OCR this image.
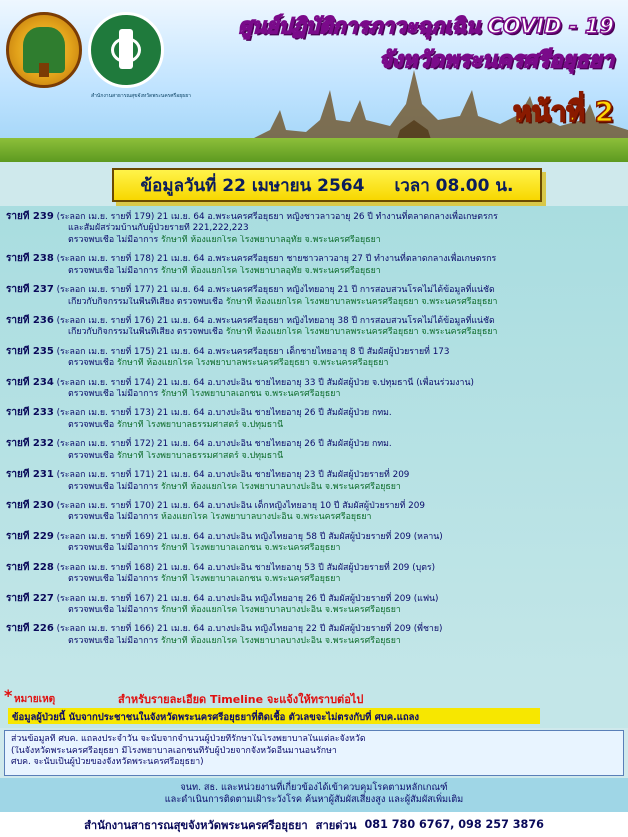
สำนักงานสาธารณสุขจังหวัดพระนครศรีอยุธยา
ศูนย์ปฏิบัติการภาวะฉุกเฉิน COVID - 19
จังหวัดพระนครศรีอยุธยา
หน้าที่ 2
ข้อมูลวันที่ 22 เมษายน 2564 เวลา 08.00 น.
รายที่ 239 (ระลอก เม.ย. รายที่ 179) 21 เม.ย. 64 อ.พระนครศรีอยุธยา หญิงชาวลาวอายุ 26 ปี ทำงานที่ตลาดกลางเพื่อเกษตรกร
และสัมผัสร่วมบ้านกับผู้ป่วยรายที่ 221,222,223
ตรวจพบเชื้อ ไม่มีอาการ รักษาที่ ห้องแยกโรค โรงพยาบาลอุทัย จ.พระนครศรีอยุธยา
รายที่ 238 (ระลอก เม.ย. รายที่ 178) 21 เม.ย. 64 อ.พระนครศรีอยุธยา ชายชาวลาวอายุ 27 ปี ทำงานที่ตลาดกลางเพื่อเกษตรกร
ตรวจพบเชื้อ ไม่มีอาการ รักษาที่ ห้องแยกโรค โรงพยาบาลอุทัย จ.พระนครศรีอยุธยา
รายที่ 237 (ระลอก เม.ย. รายที่ 177) 21 เม.ย. 64 อ.พระนครศรีอยุธยา หญิงไทยอายุ 21 ปี การสอบสวนโรคไม่ได้ข้อมูลที่แน่ชัด
เกี่ยวกับกิจกรรมในพื้นที่เสี่ยง ตรวจพบเชื้อ รักษาที่ ห้องแยกโรค โรงพยาบาลพระนครศรีอยุธยา จ.พระนครศรีอยุธยา
รายที่ 236 (ระลอก เม.ย. รายที่ 176) 21 เม.ย. 64 อ.พระนครศรีอยุธยา หญิงไทยอายุ 38 ปี การสอบสวนโรคไม่ได้ข้อมูลที่แน่ชัด
เกี่ยวกับกิจกรรมในพื้นที่เสี่ยง ตรวจพบเชื้อ รักษาที่ ห้องแยกโรค โรงพยาบาลพระนครศรีอยุธยา จ.พระนครศรีอยุธยา
รายที่ 235 (ระลอก เม.ย. รายที่ 175) 21 เม.ย. 64 อ.พระนครศรีอยุธยา เด็กชายไทยอายุ 8 ปี สัมผัสผู้ป่วยรายที่ 173
ตรวจพบเชื้อ รักษาที่ ห้องแยกโรค โรงพยาบาลพระนครศรีอยุธยา จ.พระนครศรีอยุธยา
รายที่ 234 (ระลอก เม.ย. รายที่ 174) 21 เม.ย. 64 อ.บางปะอิน ชายไทยอายุ 33 ปี สัมผัสผู้ป่วย จ.ปทุมธานี (เพื่อนร่วมงาน)
ตรวจพบเชื้อ ไม่มีอาการ รักษาที่ โรงพยาบาลเอกชน จ.พระนครศรีอยุธยา
รายที่ 233 (ระลอก เม.ย. รายที่ 173) 21 เม.ย. 64 อ.บางปะอิน ชายไทยอายุ 26 ปี สัมผัสผู้ป่วย กทม.
ตรวจพบเชื้อ รักษาที่ โรงพยาบาลธรรมศาสตร์ จ.ปทุมธานี
รายที่ 232 (ระลอก เม.ย. รายที่ 172) 21 เม.ย. 64 อ.บางปะอิน ชายไทยอายุ 26 ปี สัมผัสผู้ป่วย กทม.
ตรวจพบเชื้อ รักษาที่ โรงพยาบาลธรรมศาสตร์ จ.ปทุมธานี
รายที่ 231 (ระลอก เม.ย. รายที่ 171) 21 เม.ย. 64 อ.บางปะอิน ชายไทยอายุ 23 ปี สัมผัสผู้ป่วยรายที่ 209
ตรวจพบเชื้อ ไม่มีอาการ รักษาที่ ห้องแยกโรค โรงพยาบาลบางปะอิน จ.พระนครศรีอยุธยา
รายที่ 230 (ระลอก เม.ย. รายที่ 170) 21 เม.ย. 64 อ.บางปะอิน เด็กหญิงไทยอายุ 10 ปี สัมผัสผู้ป่วยรายที่ 209
ตรวจพบเชื้อ ไม่มีอาการ ห้องแยกโรค โรงพยาบาลบางปะอิน จ.พระนครศรีอยุธยา
รายที่ 229 (ระลอก เม.ย. รายที่ 169) 21 เม.ย. 64 อ.บางปะอิน หญิงไทยอายุ 58 ปี สัมผัสผู้ป่วยรายที่ 209 (หลาน)
ตรวจพบเชื้อ ไม่มีอาการ รักษาที่ โรงพยาบาลเอกชน จ.พระนครศรีอยุธยา
รายที่ 228 (ระลอก เม.ย. รายที่ 168) 21 เม.ย. 64 อ.บางปะอิน ชายไทยอายุ 53 ปี สัมผัสผู้ป่วยรายที่ 209 (บุตร)
ตรวจพบเชื้อ ไม่มีอาการ รักษาที่ โรงพยาบาลเอกชน จ.พระนครศรีอยุธยา
รายที่ 227 (ระลอก เม.ย. รายที่ 167) 21 เม.ย. 64 อ.บางปะอิน หญิงไทยอายุ 26 ปี สัมผัสผู้ป่วยรายที่ 209 (แฟน)
ตรวจพบเชื้อ ไม่มีอาการ รักษาที่ ห้องแยกโรค โรงพยาบาลบางปะอิน จ.พระนครศรีอยุธยา
รายที่ 226 (ระลอก เม.ย. รายที่ 166) 21 เม.ย. 64 อ.บางปะอิน หญิงไทยอายุ 22 ปี สัมผัสผู้ป่วยรายที่ 209 (พี่ชาย)
ตรวจพบเชื้อ ไม่มีอาการ รักษาที่ ห้องแยกโรค โรงพยาบาลบางปะอิน จ.พระนครศรีอยุธยา
* หมายเหตุ	สำหรับรายละเอียด Timeline จะแจ้งให้ทราบต่อไป
ข้อมูลผู้ป่วยนี้ นับจากประชาชนในจังหวัดพระนครศรีอยุธยาที่ติดเชื้อ ตัวเลขจะไม่ตรงกับที่ ศบค.แถลง
ส่วนข้อมูลที่ ศบค. แถลงประจำวัน จะนับจากจำนวนผู้ป่วยที่รักษาในโรงพยาบาลในแต่ละจังหวัด
(ในจังหวัดพระนครศรีอยุธยา มีโรงพยาบาลเอกชนที่รับผู้ป่วยจากจังหวัดอื่นมานอนรักษา
ศบค. จะนับเป็นผู้ป่วยของจังหวัดพระนครศรีอยุธยา)
จนท. สธ. และหน่วยงานที่เกี่ยวข้องได้เข้าควบคุมโรคตามหลักเกณฑ์
และดำเนินการติดตามเฝ้าระวังโรค ค้นหาผู้สัมผัสเสี่ยงสูง และผู้สัมผัสเพิ่มเติม
สำนักงานสาธารณสุขจังหวัดพระนครศรีอยุธยา สายด่วน 081 780 6767, 098 257 3876
